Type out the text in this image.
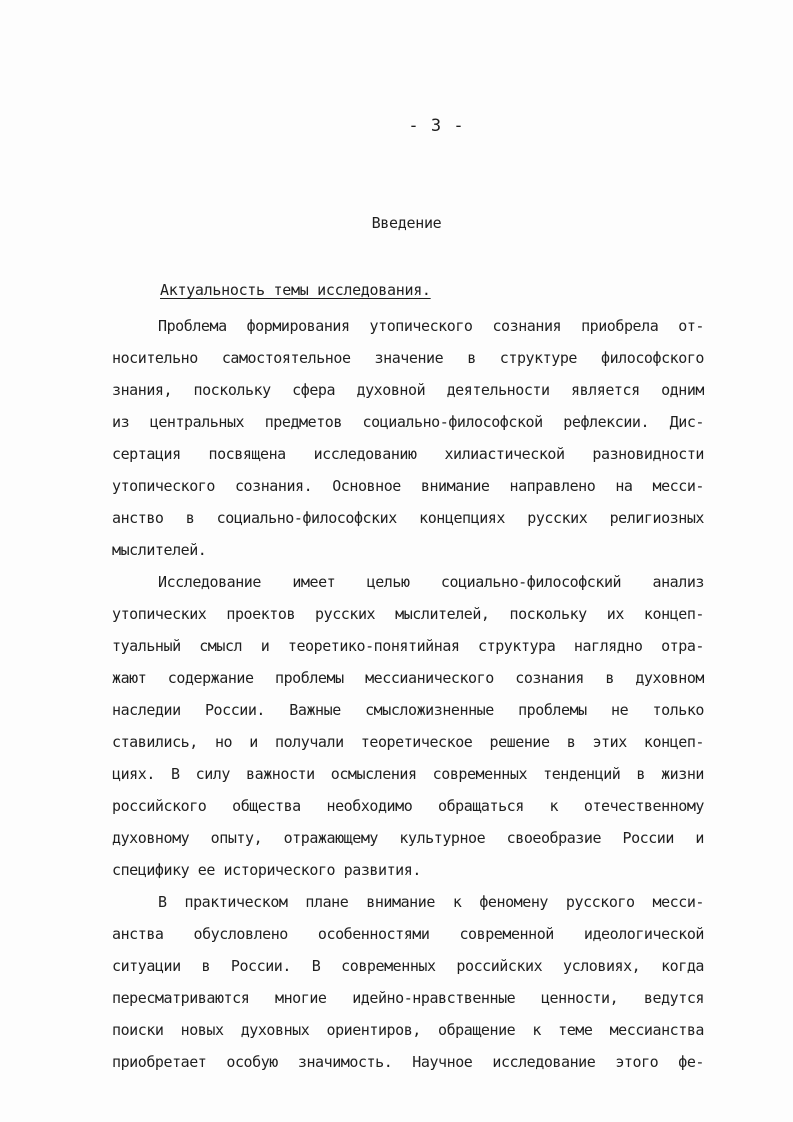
- 3 -
Введение
Актуальность темы исследования.
Проблема формирования утопического сознания приобрела от-
носительно самостоятельное значение в структуре философского
знания, поскольку сфера духовной деятельности является одним
из центральных предметов социально-философской рефлексии. Дис-
сертация посвящена исследованию хилиастической разновидности
утопического сознания. Основное внимание направлено на месси-
анство в социально-философских концепциях русских религиозных
мыслителей.
Исследование имеет целью социально-философский анализ
утопических проектов русских мыслителей, поскольку их концеп-
туальный смысл и теоретико-понятийная структура наглядно отра-
жают содержание проблемы мессианического сознания в духовном
наследии России. Важные смысложизненные проблемы не только
ставились, но и получали теоретическое решение в этих концеп-
циях. В силу важности осмысления современных тенденций в жизни
российского общества необходимо обращаться к отечественному
духовному опыту, отражающему культурное своеобразие России и
специфику ее исторического развития.
В практическом плане внимание к феномену русского месси-
анства обусловлено особенностями современной идеологической
ситуации в России. В современных российских условиях, когда
пересматриваются многие идейно-нравственные ценности, ведутся
поиски новых духовных ориентиров, обращение к теме мессианства
приобретает особую значимость. Научное исследование этого фе-
